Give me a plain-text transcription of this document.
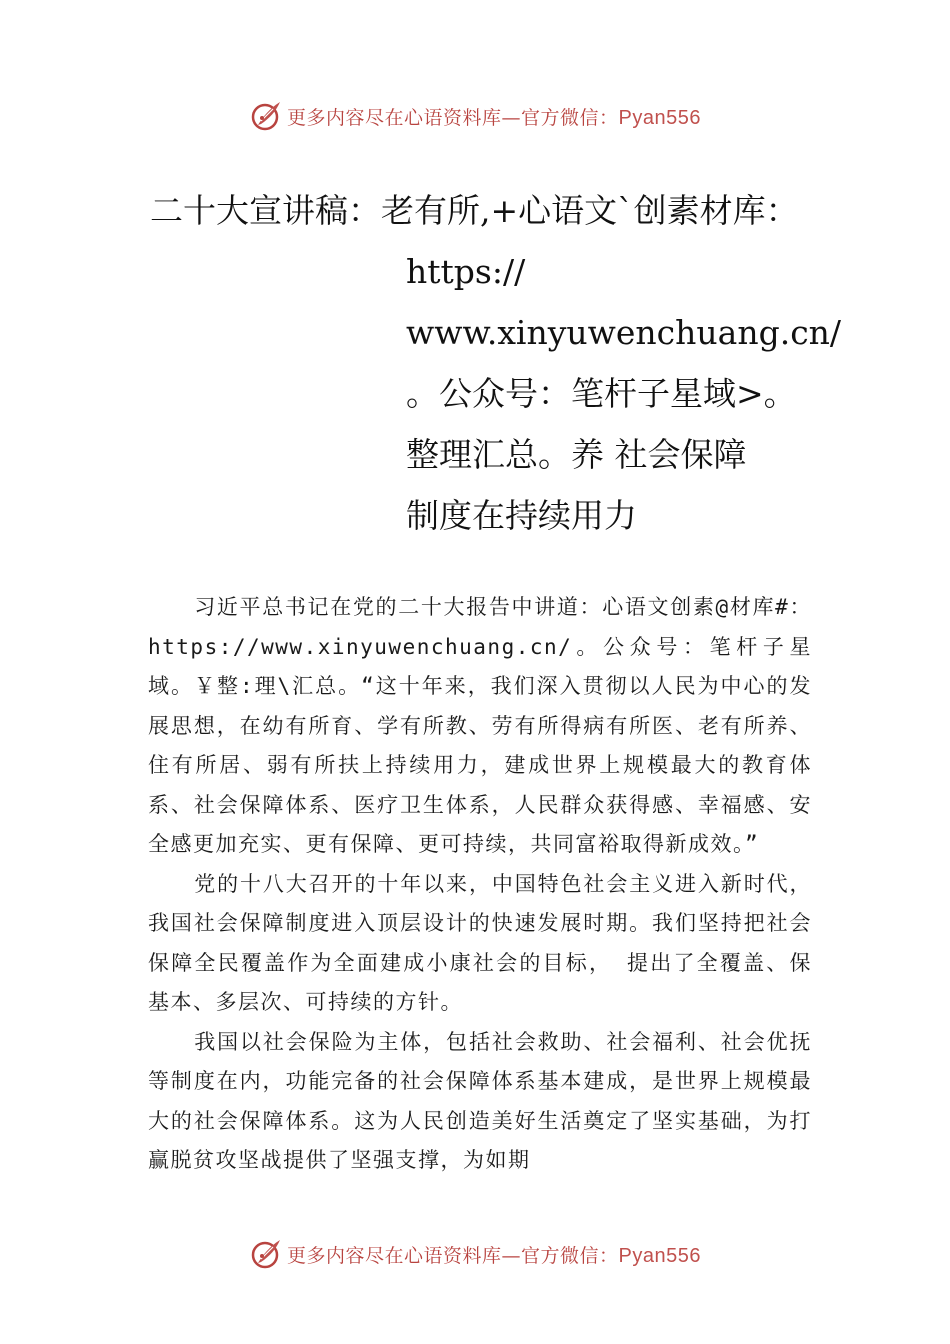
更多内容尽在心语资料库—官方微信：Pyan556
二十大宣讲稿：老有所,+心语文`创素材库：
https://
www.xinyuwenchuang.cn/
。公众号：笔杆子星域>。
整理汇总。养 社会保障
制度在持续用力

习近平总书记在党的二十大报告中讲道：心语文创素@材库#：https://www.xinyuwenchuang.cn/。公众号：笔杆子星域。￥整:理\汇总。“这十年来，我们深入贯彻以人民为中心的发展思想，在幼有所育、学有所教、劳有所得病有所医、老有所养、住有所居、弱有所扶上持续用力，建成世界上规模最大的教育体系、社会保障体系、医疗卫生体系，人民群众获得感、幸福感、安全感更加充实、更有保障、更可持续，共同富裕取得新成效。”

党的十八大召开的十年以来，中国特色社会主义进入新时代，我国社会保障制度进入顶层设计的快速发展时期。我们坚持把社会保障全民覆盖作为全面建成小康社会的目标， 提出了全覆盖、保基本、多层次、可持续的方针。

我国以社会保险为主体，包括社会救助、社会福利、社会优抚等制度在内，功能完备的社会保障体系基本建成，是世界上规模最大的社会保障体系。这为人民创造美好生活奠定了坚实基础，为打赢脱贫攻坚战提供了坚强支撑，为如期

更多内容尽在心语资料库—官方微信：Pyan556
